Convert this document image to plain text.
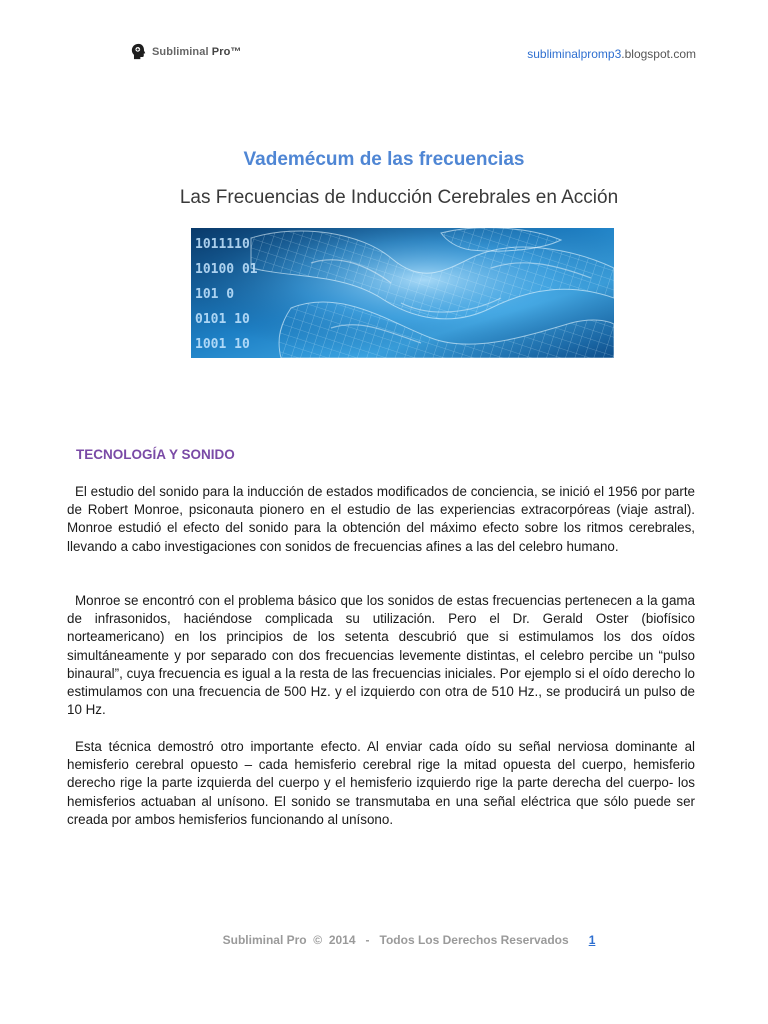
Subliminal Pro™	subliminalpromp3.blogspot.com
Vademécum de las frecuencias
Las Frecuencias de Inducción Cerebrales en Acción
1011110
10100 01
101 0
0101 10
1001 10
TECNOLOGÍA Y SONIDO

El estudio del sonido para la inducción de estados modificados de conciencia, se inició el 1956 por parte de Robert Monroe, psiconauta pionero en el estudio de las experiencias extracorpóreas (viaje astral). Monroe estudió el efecto del sonido para la obtención del máximo efecto sobre los ritmos cerebrales, llevando a cabo investigaciones con sonidos de frecuencias afines a las del celebro humano.

Monroe se encontró con el problema básico que los sonidos de estas frecuencias pertenecen a la gama de infrasonidos, haciéndose complicada su utilización. Pero el Dr. Gerald Oster (biofísico norteamericano) en los principios de los setenta descubrió que si estimulamos los dos oídos simultáneamente y por separado con dos frecuencias levemente distintas, el celebro percibe un “pulso binaural”, cuya frecuencia es igual a la resta de las frecuencias iniciales. Por ejemplo si el oído derecho lo estimulamos con una frecuencia de 500 Hz. y el izquierdo con otra de 510 Hz., se producirá un pulso de 10 Hz.

Esta técnica demostró otro importante efecto. Al enviar cada oído su señal nerviosa dominante al hemisferio cerebral opuesto – cada hemisferio cerebral rige la mitad opuesta del cuerpo, hemisferio derecho rige la parte izquierda del cuerpo y el hemisferio izquierdo rige la parte derecha del cuerpo- los hemisferios actuaban al unísono. El sonido se transmutaba en una señal eléctrica que sólo puede ser creada por ambos hemisferios funcionando al unísono.

Subliminal Pro  ©  2014   -   Todos Los Derechos Reservados 1
